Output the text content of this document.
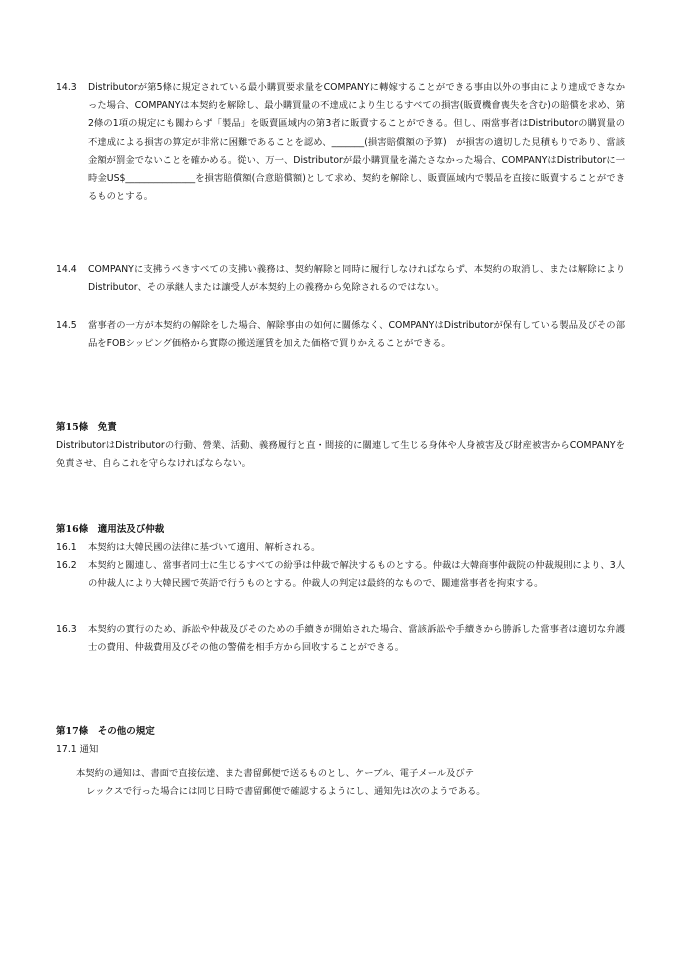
14.3	Distributorが第5條に規定されている最小購買要求量をCOMPANYに轉嫁することができる事由以外の事由により達成できなかった場合、COMPANYは本契約を解除し、最小購買量の不達成により生じるすべての損害(販賣機會喪失を含む)の賠償を求め、第2條の1項の規定にも關わらず「製品」を販賣區域内の第3者に販賣することができる。但し、兩當事者はDistributorの購買量の不達成による損害の算定が非常に困難であることを認め、_______(損害賠償額の予算)　が損害の適切した見積もりであり、當該金額が罰金でないことを確かめる。從い、万一、Distributorが最小購買量を滿たさなかった場合、COMPANYはDistributorに一時金US$_______________を損害賠償額(合意賠償額)として求め、契約を解除し、販賣區域内で製品を直接に販賣することができるものとする。
14.4	COMPANYに支拂うべきすべての支拂い義務は、契約解除と同時に履行しなければならず、本契約の取消し、または解除によりDistributor、その承継人または讓受人が本契約上の義務から免除されるのではない。
14.5	當事者の一方が本契約の解除をした場合、解除事由の如何に關係なく、COMPANYはDistributorが保有している製品及びその部品をFOBシッピング価格から實際の搬送運賃を加えた価格で買りかえることができる。
第15條　免責
DistributorはDistributorの行動、營業、活動、義務履行と直・間接的に關連して生じる身体や人身被害及び財産被害からCOMPANYを免責させ、自らこれを守らなければならない。
第16條　適用法及び仲裁
16.1	本契約は大韓民國の法律に基づいて適用、解析される。
16.2	本契約と關連し、當事者同士に生じるすべての紛爭は仲裁で解決するものとする。仲裁は大韓商事仲裁院の仲裁規則により、3人の仲裁人により大韓民國で英語で行うものとする。仲裁人の判定は最終的なもので、關連當事者を拘束する。
16.3	本契約の實行のため、訴訟や仲裁及びそのための手續きが開始された場合、當該訴訟や手續きから勝訴した當事者は適切な弁護士の費用、仲裁費用及びその他の警備を相手方から回收することができる。
第17條　その他の規定
17.1 通知
本契約の通知は、書面で直接伝達、また書留郵便で送るものとし、ケーブル、電子メール及びテ
レックスで行った場合には同じ日時で書留郵便で確認するようにし、通知先は次のようである。
